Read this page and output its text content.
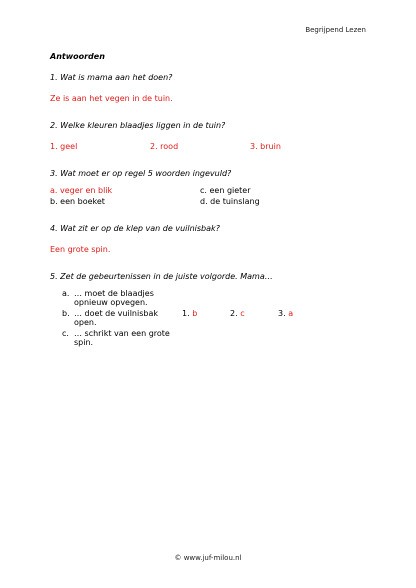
Begrijpend Lezen
Antwoorden
1. Wat is mama aan het doen?
Ze is aan het vegen in de tuin.
2. Welke kleuren blaadjes liggen in de tuin?
1. geel	2. rood	3. bruin
3. Wat moet er op regel 5 woorden ingevuld?
a. veger en blik	c. een gieter
b. een boeket	d. de tuinslang
4. Wat zit er op de klep van de vuilnisbak?
Een grote spin.
5. Zet de gebeurtenissen in de juiste volgorde. Mama…
a. … moet de blaadjes opnieuw opvegen.
b. … doet de vuilnisbak open.
1. b	2. c	3. a
c. … schrikt van een grote spin.
© www.juf-milou.nl
